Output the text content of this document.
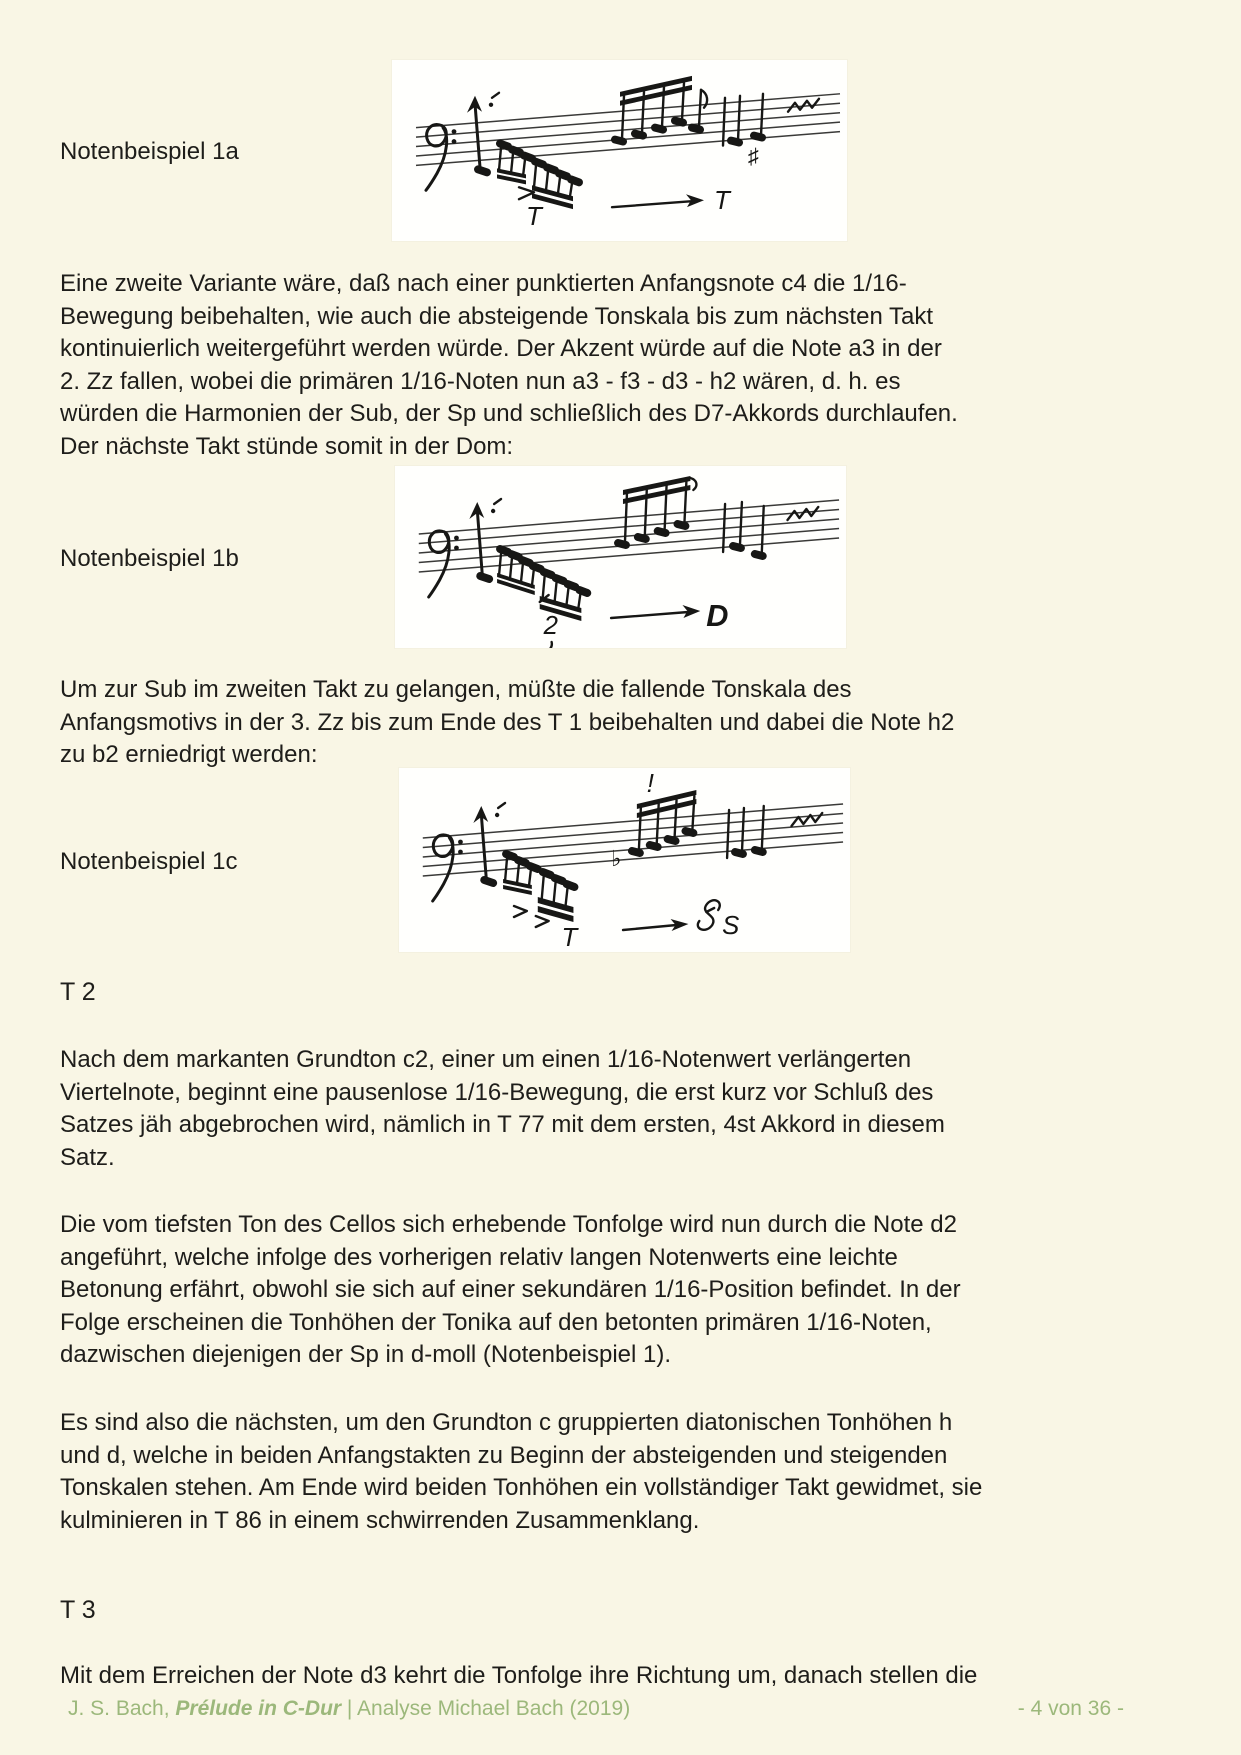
Notenbeispiel 1a	♯
T
T
Eine zweite Variante wäre, daß nach einer punktierten Anfangsnote c4 die 1/16-
Bewegung beibehalten, wie auch die absteigende Tonskala bis zum nächsten Takt
kontinuierlich weitergeführt werden würde. Der Akzent würde auf die Note a3 in der
2. Zz fallen, wobei die primären 1/16-Noten nun a3 - f3 - d3 - h2 wären, d. h. es
würden die Harmonien der Sub, der Sp und schließlich des D7-Akkords durchlaufen.
Der nächste Takt stünde somit in der Dom:
Notenbeispiel 1b
2	D
Um zur Sub im zweiten Takt zu gelangen, müßte die fallende Tonskala des
Anfangsmotivs in der 3. Zz bis zum Ende des T 1 beibehalten und dabei die Note h2
zu b2 erniedrigt werden:
Notenbeispiel 1c
!
♭
T	S
T 2
Nach dem markanten Grundton c2, einer um einen 1/16-Notenwert verlängerten
Viertelnote, beginnt eine pausenlose 1/16-Bewegung, die erst kurz vor Schluß des
Satzes jäh abgebrochen wird, nämlich in T 77 mit dem ersten, 4st Akkord in diesem
Satz.
Die vom tiefsten Ton des Cellos sich erhebende Tonfolge wird nun durch die Note d2
angeführt, welche infolge des vorherigen relativ langen Notenwerts eine leichte
Betonung erfährt, obwohl sie sich auf einer sekundären 1/16-Position befindet. In der
Folge erscheinen die Tonhöhen der Tonika auf den betonten primären 1/16-Noten,
dazwischen diejenigen der Sp in d-moll (Notenbeispiel 1).
Es sind also die nächsten, um den Grundton c gruppierten diatonischen Tonhöhen h
und d, welche in beiden Anfangstakten zu Beginn der absteigenden und steigenden
Tonskalen stehen. Am Ende wird beiden Tonhöhen ein vollständiger Takt gewidmet, sie
kulminieren in T 86 in einem schwirrenden Zusammenklang.
T 3
Mit dem Erreichen der Note d3 kehrt die Tonfolge ihre Richtung um, danach stellen die
J. S. Bach, Prélude in C-Dur | Analyse Michael Bach (2019)	- 4 von 36 -
